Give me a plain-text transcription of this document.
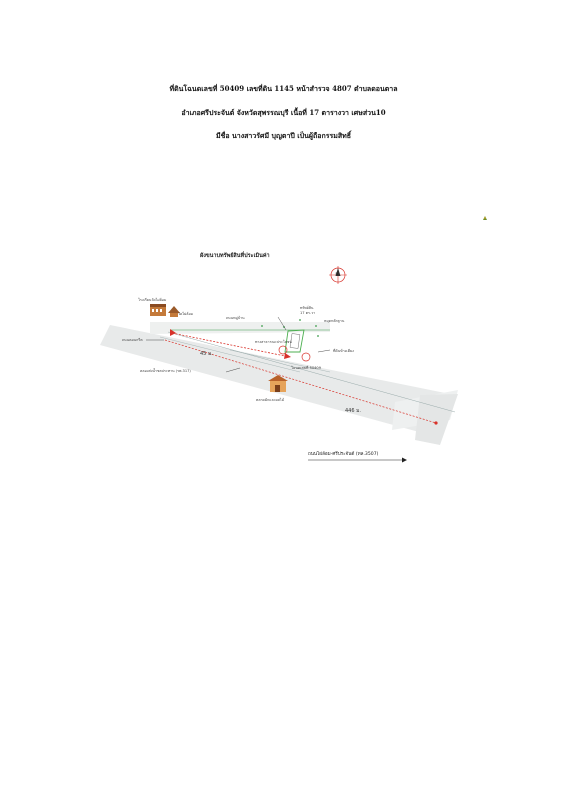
ที่ดินโฉนดเลขที่ 50409 เลขที่ดิน 1145 หน้าสำรวจ 4807 ตำบลดอนตาล
อำเภอศรีประจันต์ จังหวัดสุพรรณบุรี เนื้อที่ 17 ตารางวา เศษส่วน10
มีชื่อ นางสาวรัศมี บุญตาปี เป็นผู้ถือกรรมสิทธิ์
ผังขนาบทรัพย์สินที่ประเมินค่า
N
โรงเรียนวัดไผ่ล้อม
วัดไผ่ล้อม
ถนนหมู่บ้าน
ถนนคอนกรีต
คลองส่งน้ำชลประทาน (รพ.317)
ทางสาธารณะประโยชน์
ทรัพย์สิน
17 ตร.วา
หมุดหลักฐาน
ที่ดินข้างเคียง
โฉนดเลขที่ 50409
ตลาดผักและผลไม้
45 ม.
446 ม.
ถนนไผ่ล้อม-ศรีประจันต์ (ทล.3507)
